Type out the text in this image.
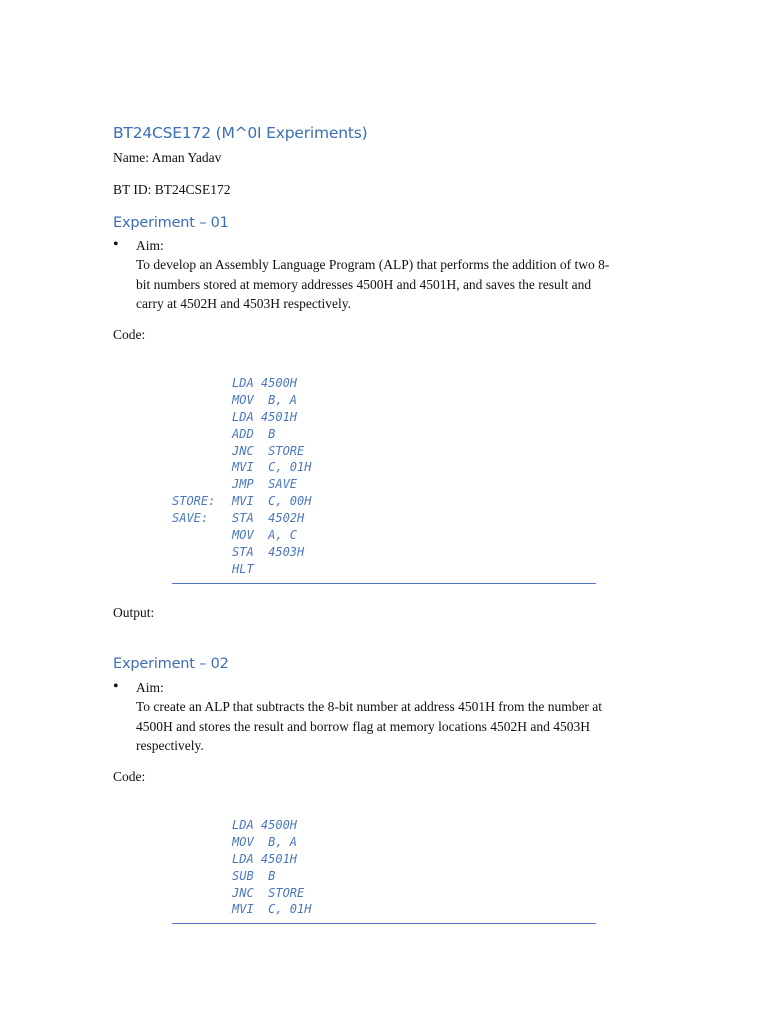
BT24CSE172 (M^0I Experiments)
Name: Aman Yadav
BT ID: BT24CSE172
Experiment – 01
• Aim:
To develop an Assembly Language Program (ALP) that performs the addition of two 8-
bit numbers stored at memory addresses 4500H and 4501H, and saves the result and
carry at 4502H and 4503H respectively.
Code:
LDA 4500H
MOV  B, A
LDA 4501H
ADD  B
JNC  STORE
MVI  C, 01H
JMP  SAVE
STORE:	MVI  C, 00H
SAVE:	STA  4502H
MOV  A, C
STA  4503H
HLT
Output:
Experiment – 02
• Aim:
To create an ALP that subtracts the 8-bit number at address 4501H from the number at
4500H and stores the result and borrow flag at memory locations 4502H and 4503H
respectively.
Code:
LDA 4500H
MOV  B, A
LDA 4501H
SUB  B
JNC  STORE
MVI  C, 01H
